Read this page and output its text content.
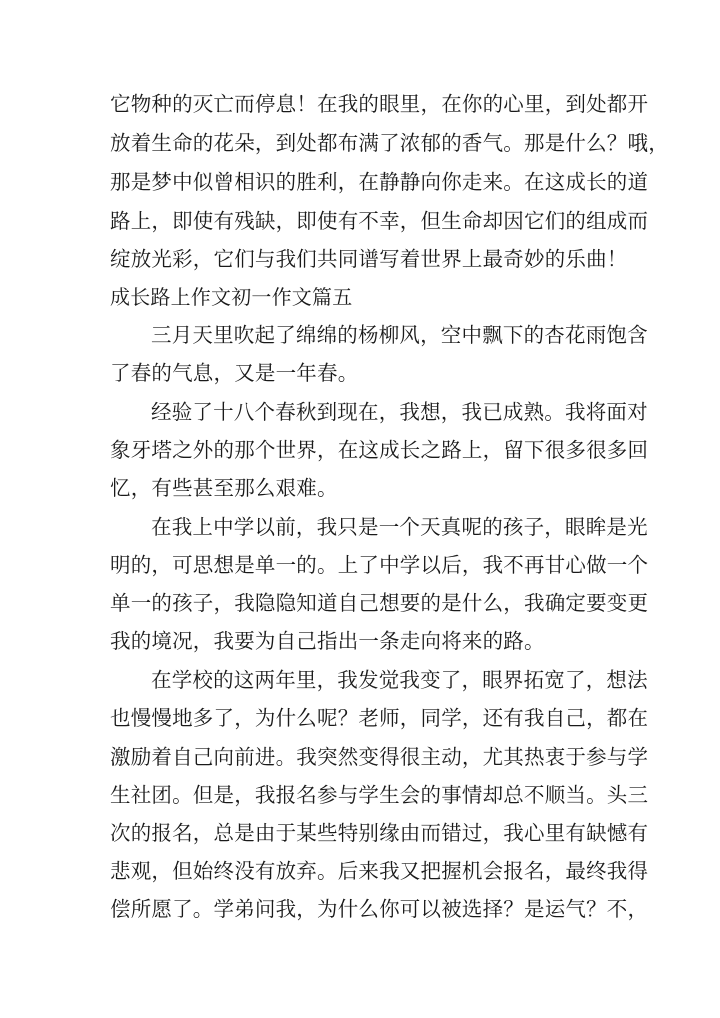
它物种的灭亡而停息！在我的眼里，在你的心里，到处都开
放着生命的花朵，到处都布满了浓郁的香气。那是什么？哦，
那是梦中似曾相识的胜利，在静静向你走来。在这成长的道
路上，即使有残缺，即使有不幸，但生命却因它们的组成而
绽放光彩，它们与我们共同谱写着世界上最奇妙的乐曲！
成长路上作文初一作文篇五
三月天里吹起了绵绵的杨柳风，空中飘下的杏花雨饱含
了春的气息，又是一年春。
经验了十八个春秋到现在，我想，我已成熟。我将面对
象牙塔之外的那个世界，在这成长之路上，留下很多很多回
忆，有些甚至那么艰难。
在我上中学以前，我只是一个天真呢的孩子，眼眸是光
明的，可思想是单一的。上了中学以后，我不再甘心做一个
单一的孩子，我隐隐知道自己想要的是什么，我确定要变更
我的境况，我要为自己指出一条走向将来的路。
在学校的这两年里，我发觉我变了，眼界拓宽了，想法
也慢慢地多了，为什么呢？老师，同学，还有我自己，都在
激励着自己向前进。我突然变得很主动，尤其热衷于参与学
生社团。但是，我报名参与学生会的事情却总不顺当。头三
次的报名，总是由于某些特别缘由而错过，我心里有缺憾有
悲观，但始终没有放弃。后来我又把握机会报名，最终我得
偿所愿了。学弟问我，为什么你可以被选择？是运气？不，
